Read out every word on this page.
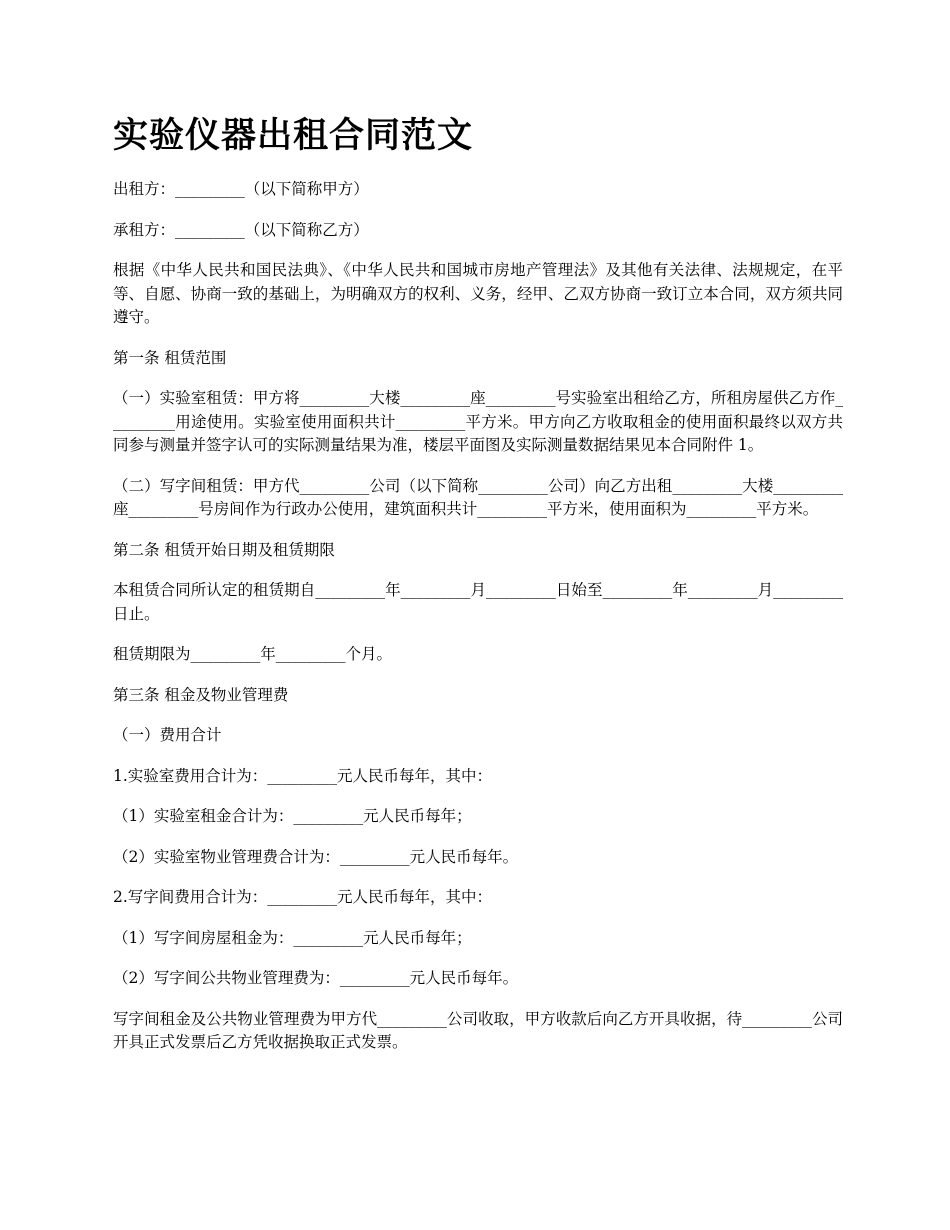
实验仪器出租合同范文

出租方：_________（以下简称甲方）

承租方：_________（以下简称乙方）

根据《中华人民共和国民法典》、《中华人民共和国城市房地产管理法》及其他有关法律、法规规定，在平等、自愿、协商一致的基础上，为明确双方的权利、义务，经甲、乙双方协商一致订立本合同，双方须共同遵守。

第一条 租赁范围

（一）实验室租赁：甲方将_________大楼_________座_________号实验室出租给乙方，所租房屋供乙方作_________用途使用。实验室使用面积共计_________平方米。甲方向乙方收取租金的使用面积最终以双方共同参与测量并签字认可的实际测量结果为准，楼层平面图及实际测量数据结果见本合同附件 1。

（二）写字间租赁：甲方代_________公司（以下简称_________公司）向乙方出租_________大楼_________座_________号房间作为行政办公使用，建筑面积共计_________平方米，使用面积为_________平方米。

第二条 租赁开始日期及租赁期限

本租赁合同所认定的租赁期自_________年_________月_________日始至_________年_________月_________日止。

租赁期限为_________年_________个月。

第三条 租金及物业管理费

（一）费用合计

1.实验室费用合计为：_________元人民币每年，其中：

（1）实验室租金合计为：_________元人民币每年；

（2）实验室物业管理费合计为：_________元人民币每年。

2.写字间费用合计为：_________元人民币每年，其中：

（1）写字间房屋租金为：_________元人民币每年；

（2）写字间公共物业管理费为：_________元人民币每年。

写字间租金及公共物业管理费为甲方代_________公司收取，甲方收款后向乙方开具收据，待_________公司开具正式发票后乙方凭收据换取正式发票。
